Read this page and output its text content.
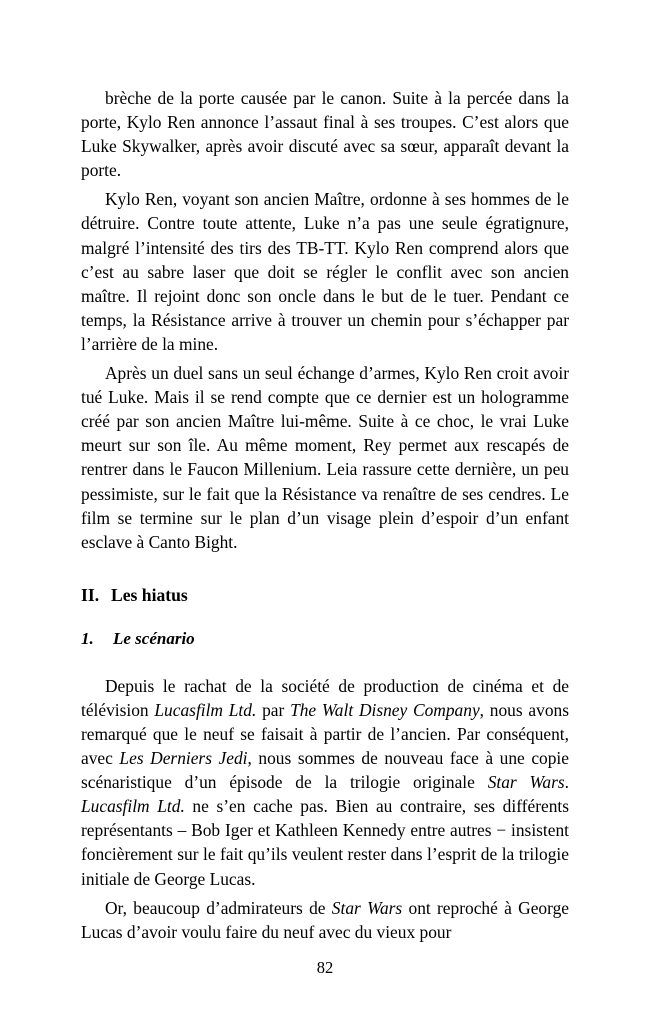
brèche de la porte causée par le canon. Suite à la percée dans la porte, Kylo Ren annonce l’assaut final à ses troupes. C’est alors que Luke Skywalker, après avoir discuté avec sa sœur, apparaît devant la porte.

Kylo Ren, voyant son ancien Maître, ordonne à ses hommes de le détruire. Contre toute attente, Luke n’a pas une seule égratignure, malgré l’intensité des tirs des TB-TT. Kylo Ren comprend alors que c’est au sabre laser que doit se régler le conflit avec son ancien maître. Il rejoint donc son oncle dans le but de le tuer. Pendant ce temps, la Résistance arrive à trouver un chemin pour s’échapper par l’arrière de la mine.

Après un duel sans un seul échange d’armes, Kylo Ren croit avoir tué Luke. Mais il se rend compte que ce dernier est un hologramme créé par son ancien Maître lui-même. Suite à ce choc, le vrai Luke meurt sur son île. Au même moment, Rey permet aux rescapés de rentrer dans le Faucon Millenium. Leia rassure cette dernière, un peu pessimiste, sur le fait que la Résistance va renaître de ses cendres. Le film se termine sur le plan d’un visage plein d’espoir d’un enfant esclave à Canto Bight.

II. Les hiatus

1. Le scénario

Depuis le rachat de la société de production de cinéma et de télévision Lucasfilm Ltd. par The Walt Disney Company, nous avons remarqué que le neuf se faisait à partir de l’ancien. Par conséquent, avec Les Derniers Jedi, nous sommes de nouveau face à une copie scénaristique d’un épisode de la trilogie originale Star Wars. Lucasfilm Ltd. ne s’en cache pas. Bien au contraire, ses différents représentants – Bob Iger et Kathleen Kennedy entre autres − insistent foncièrement sur le fait qu’ils veulent rester dans l’esprit de la trilogie initiale de George Lucas.

Or, beaucoup d’admirateurs de Star Wars ont reproché à George Lucas d’avoir voulu faire du neuf avec du vieux pour

82
